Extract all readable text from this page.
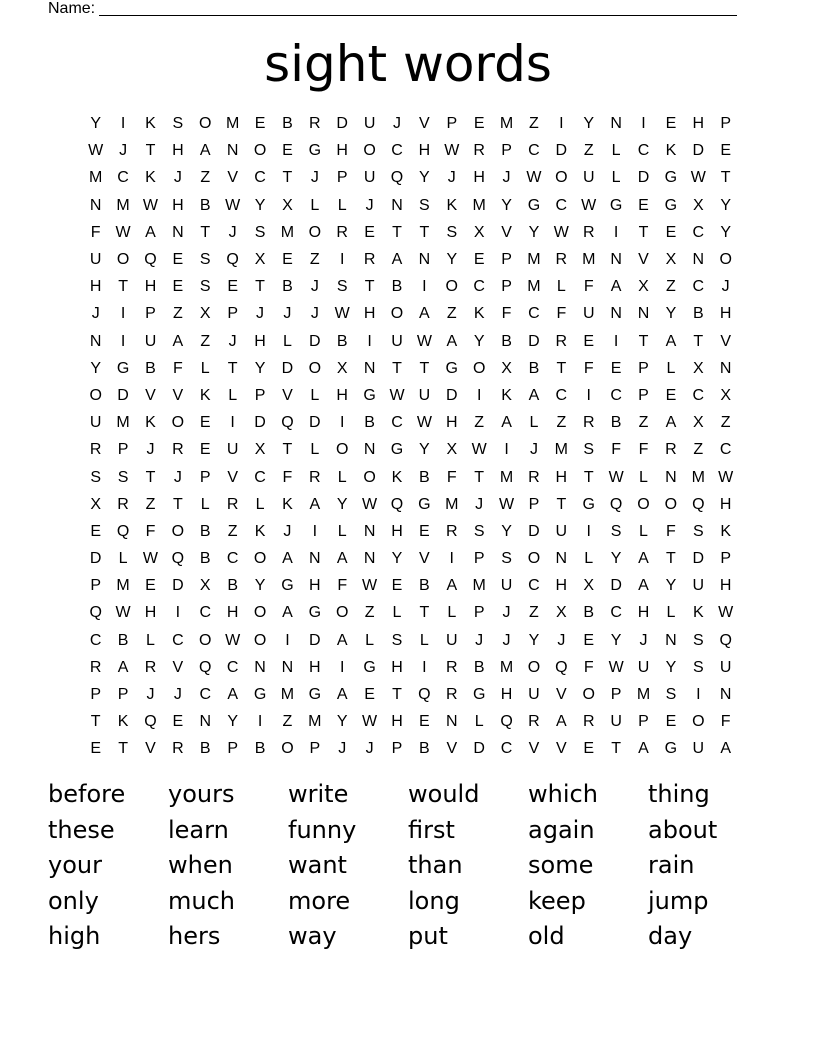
Name:
sight words
Y	I	K	S O M E	B	R D U	J	V	P	E M Z	I	Y	N	I	E	H	P
W J	T	H	A	N O E G H O C H W R	P	C D	Z	L	C	K	D	E
M C	K	J	Z	V	C	T	J	P	U Q Y	J	H	J W O U	L	D G W T
N M W H	B W Y	X	L	L	J	N	S	K M Y G C W G E G X	Y
F W A	N	T	J	S M O R	E	T	T	S	X	V	Y W R	I	T	E	C	Y
U O Q E	S Q X	E	Z	I	R	A	N	Y	E	P M R M N	V	X	N O
H	T	H	E	S	E	T	B	J	S	T	B	I	O C	P M	L	F	A	X	Z	C	J
J	I	P	Z	X	P	J	J	J W H O A	Z	K	F	C	F	U N N	Y	B	H
N	I	U	A	Z	J	H	L	D	B	I	U W A	Y	B	D R	E	I	T	A	T	V
Y G B	F	L	T	Y	D O X	N	T	T	G O X	B	T	F	E	P	L	X	N
O D	V	V	K	L	P	V	L	H G W U D	I	K	A	C	I	C	P	E	C	X
U M K O E	I	D Q D	I	B	C W H	Z	A	L	Z	R	B	Z	A	X	Z
R	P	J	R	E	U	X	T	L	O N G Y	X W	I	J	M S	F	F	R	Z	C
S	S	T	J	P	V	C	F	R	L	O K	B	F	T M R H	T W L	N M W
X	R	Z	T	L	R	L	K	A	Y W Q G M	J W P	T	G Q O O Q H
E Q	F	O B	Z	K	J	I	L	N H	E	R	S	Y	D U	I	S	L	F	S	K
D	L W Q B	C O A	N	A	N	Y	V	I	P	S O N	L	Y	A	T	D	P
P M E	D	X	B	Y G H	F W E	B	A M U C H	X	D	A	Y	U H
Q W H	I	C H O A G O	Z	L	T	L	P	J	Z	X	B	C H	L	K W
C	B	L	C O W O	I	D	A	L	S	L	U	J	J	Y	J	E	Y	J	N	S Q
R	A	R	V Q C N N H	I	G H	I	R	B M O Q	F W U	Y	S	U
P	P	J	J	C	A G M G A	E	T	Q R G H U	V O P M S	I	N
T	K Q E	N	Y	I	Z M Y W H	E	N	L	Q R	A	R U	P	E O	F
E	T	V	R	B	P	B O P	J	J	P	B	V	D C	V	V	E	T	A G U	A
before	yours	write	would	which	thing
these	learn	funny	first	again	about
your	when	want	than	some	rain
only	much	more	long	keep	jump
high	hers	way	put	old	day
